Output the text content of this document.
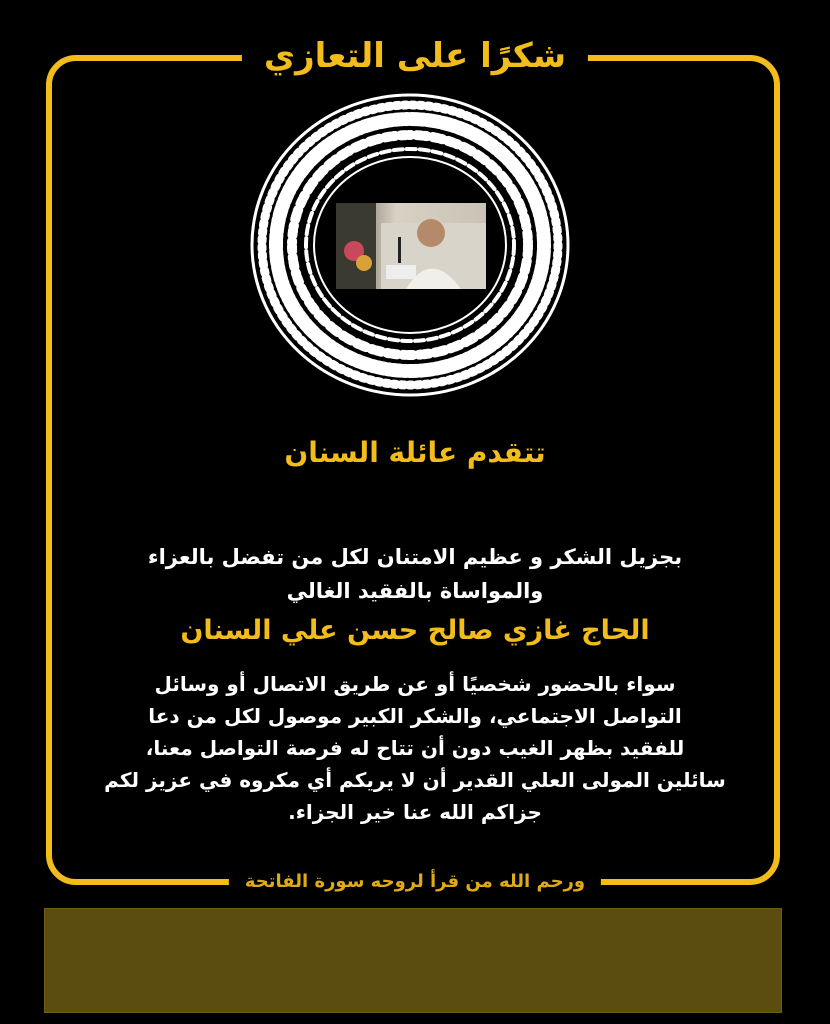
شكرًا على التعازي
تتقدم عائلة السنان
بجزيل الشكر و عظيم الامتنان لكل من تفضل بالعزاء
والمواساة بالفقيد الغالي
الحاج غازي صالح حسن علي السنان
سواء بالحضور شخصيًا أو عن طريق الاتصال أو وسائل
التواصل الاجتماعي، والشكر الكبير موصول لكل من دعا
للفقيد بظهر الغيب دون أن تتاح له فرصة التواصل معنا،
سائلين المولى العلي القدير أن لا يريكم أي مكروه في عزيز لكم
جزاكم الله عنا خير الجزاء.
ورحم الله من قرأ لروحه سورة الفاتحة
